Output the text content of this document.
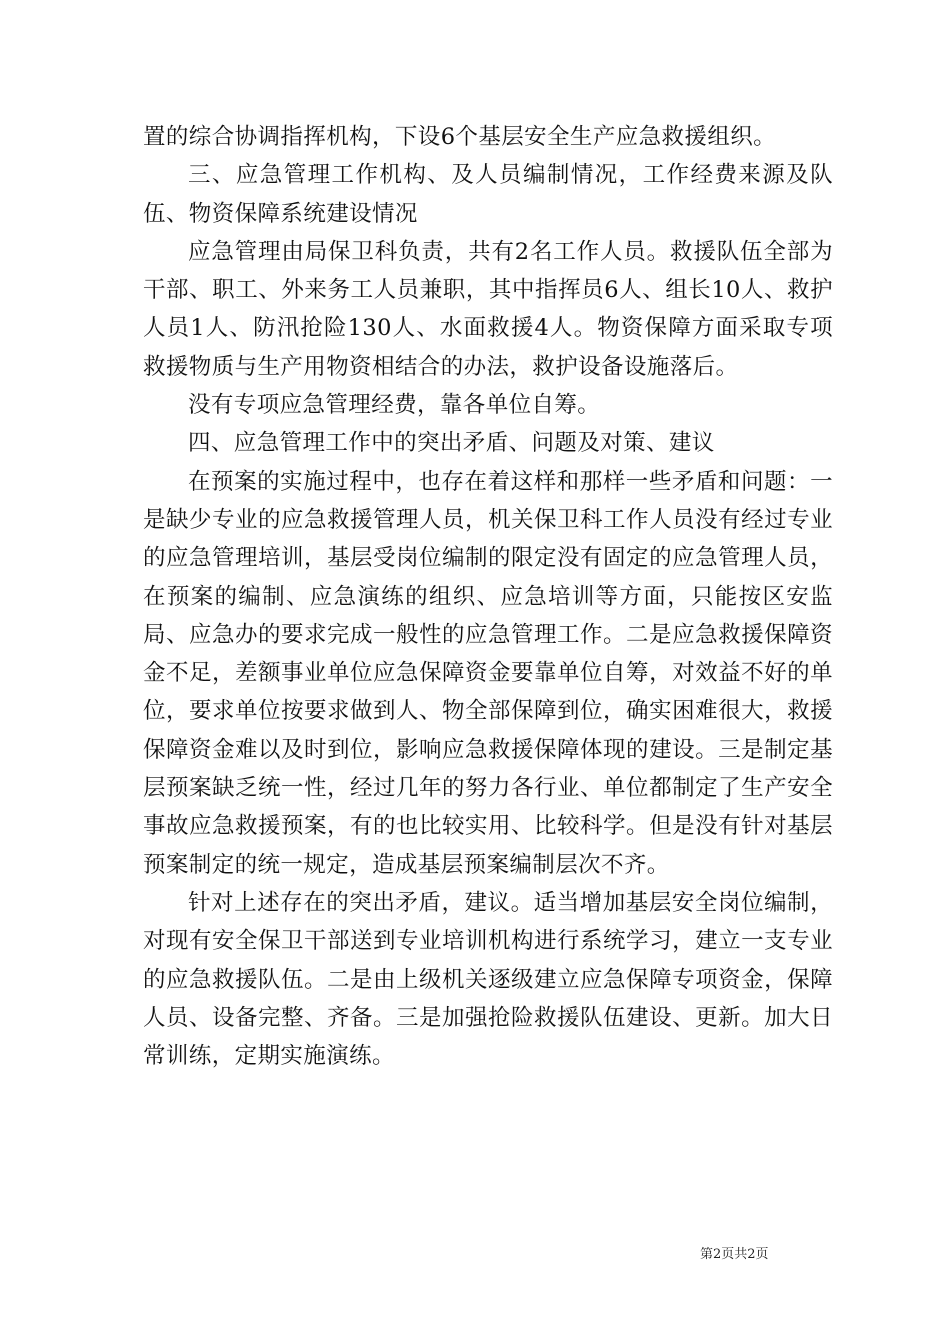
置的综合协调指挥机构，下设6个基层安全生产应急救援组织。

三、应急管理工作机构、及人员编制情况，工作经费来源及队伍、物资保障系统建设情况

应急管理由局保卫科负责，共有2名工作人员。救援队伍全部为干部、职工、外来务工人员兼职，其中指挥员6人、组长10人、救护人员1人、防汛抢险130人、水面救援4人。物资保障方面采取专项救援物质与生产用物资相结合的办法，救护设备设施落后。

没有专项应急管理经费，靠各单位自筹。

四、应急管理工作中的突出矛盾、问题及对策、建议

在预案的实施过程中，也存在着这样和那样一些矛盾和问题：一是缺少专业的应急救援管理人员，机关保卫科工作人员没有经过专业的应急管理培训，基层受岗位编制的限定没有固定的应急管理人员，在预案的编制、应急演练的组织、应急培训等方面，只能按区安监局、应急办的要求完成一般性的应急管理工作。二是应急救援保障资金不足，差额事业单位应急保障资金要靠单位自筹，对效益不好的单位，要求单位按要求做到人、物全部保障到位，确实困难很大，救援保障资金难以及时到位，影响应急救援保障体现的建设。三是制定基层预案缺乏统一性，经过几年的努力各行业、单位都制定了生产安全事故应急救援预案，有的也比较实用、比较科学。但是没有针对基层预案制定的统一规定，造成基层预案编制层次不齐。

针对上述存在的突出矛盾，建议。适当增加基层安全岗位编制，对现有安全保卫干部送到专业培训机构进行系统学习，建立一支专业的应急救援队伍。二是由上级机关逐级建立应急保障专项资金，保障人员、设备完整、齐备。三是加强抢险救援队伍建设、更新。加大日常训练，定期实施演练。

第2页共2页
